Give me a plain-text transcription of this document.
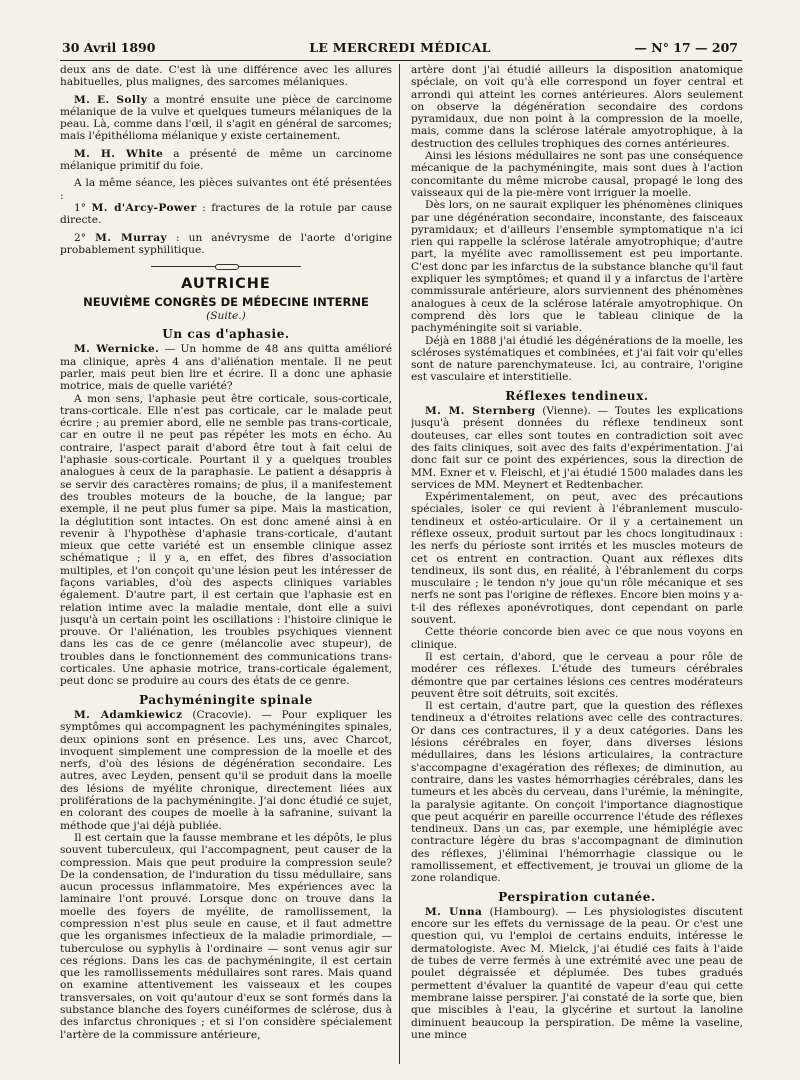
30 Avril 1890	LE MERCREDI MÉDICAL	— N° 17 — 207

deux ans de date. C'est là une différence avec les allures habituelles, plus malignes, des sarcomes mélaniques.

M. E. Solly a montré ensuite une pièce de carcinome mélanique de la vulve et quelques tumeurs mélaniques de la peau. Là, comme dans l'œil, il s'agit en général de sarcomes; mais l'épithélioma mélanique y existe certainement.

M. H. White a présenté de même un carcinome mélanique primitif du foie.

A la même séance, les pièces suivantes ont été présentées :

1° M. d'Arcy-Power : fractures de la rotule par cause directe.

2° M. Murray : un anévrysme de l'aorte d'origine probablement syphilitique.

AUTRICHE
NEUVIÈME CONGRÈS DE MÉDECINE INTERNE
(Suite.)
Un cas d'aphasie.

M. Wernicke. — Un homme de 48 ans quitta amélioré ma clinique, après 4 ans d'aliénation mentale. Il ne peut parler, mais peut bien lire et écrire. Il a donc une aphasie motrice, mais de quelle variété?

A mon sens, l'aphasie peut être corticale, sous-corticale, trans-corticale. Elle n'est pas corticale, car le malade peut écrire ; au premier abord, elle ne semble pas trans-corticale, car en outre il ne peut pas répéter les mots en écho. Au contraire, l'aspect parait d'abord être tout à fait celui de l'aphasie sous-corticale. Pourtant il y a quelques troubles analogues à ceux de la paraphasie. Le patient a désappris à se servir des caractères romains; de plus, il a manifestement des troubles moteurs de la bouche, de la langue; par exemple, il ne peut plus fumer sa pipe. Mais la mastication, la déglutition sont intactes. On est donc amené ainsi à en revenir à l'hypothèse d'aphasie trans-corticale, d'autant mieux que cette variété est un ensemble clinique assez schématique ; il y a, en effet, des fibres d'association multiples, et l'on conçoit qu'une lésion peut les intéresser de façons variables, d'où des aspects cliniques variables également. D'autre part, il est certain que l'aphasie est en relation intime avec la maladie mentale, dont elle a suivi jusqu'à un certain point les oscillations : l'histoire clinique le prouve. Or l'aliénation, les troubles psychiques viennent dans les cas de ce genre (mélancolie avec stupeur), de troubles dans le fonctionnement des communications trans-corticales. Une aphasie motrice, trans-corticale également, peut donc se produire au cours des états de ce genre.

Pachyméningite spinale

M. Adamkiewicz (Cracovie). — Pour expliquer les symptômes qui accompagnent les pachyméningites spinales, deux opinions sont en présence. Les uns, avec Charcot, invoquent simplement une compression de la moelle et des nerfs, d'où des lésions de dégénération secondaire. Les autres, avec Leyden, pensent qu'il se produit dans la moelle des lésions de myélite chronique, directement liées aux proliférations de la pachyméningite. J'ai donc étudié ce sujet, en colorant des coupes de moelle à la safranine, suivant la méthode que j'ai déjà publiée.

Il est certain que la fausse membrane et les dépôts, le plus souvent tuberculeux, qui l'accompagnent, peut causer de la compression. Mais que peut produire la compression seule? De la condensation, de l'induration du tissu médullaire, sans aucun processus inflammatoire. Mes expériences avec la laminaire l'ont prouvé. Lorsque donc on trouve dans la moelle des foyers de myélite, de ramollissement, la compression n'est plus seule en cause, et il faut admettre que les organismes infectieux de la maladie primordiale, — tuberculose ou syphylis à l'ordinaire — sont venus agir sur ces régions. Dans les cas de pachyméningite, il est certain que les ramollissements médullaires sont rares. Mais quand on examine attentivement les vaisseaux et les coupes transversales, on voit qu'autour d'eux se sont formés dans la substance blanche des foyers cunéiformes de sclérose, dus à des infarctus chroniques ; et si l'on considère spécialement l'artère de la commissure antérieure,

artère dont j'ai étudié ailleurs la disposition anatomique spéciale, on voit qu'à elle correspond un foyer central et arrondi qui atteint les cornes antérieures. Alors seulement on observe la dégénération secondaire des cordons pyramidaux, due non point à la compression de la moelle, mais, comme dans la sclérose latérale amyotrophique, à la destruction des cellules trophiques des cornes antérieures.

Ainsi les lésions médullaires ne sont pas une conséquence mécanique de la pachyméningite, mais sont dues à l'action concomitante du même microbe causal, propagé le long des vaisseaux qui de la pie-mère vont irriguer la moelle.

Dès lors, on ne saurait expliquer les phénomènes cliniques par une dégénération secondaire, inconstante, des faisceaux pyramidaux; et d'ailleurs l'ensemble symptomatique n'a ici rien qui rappelle la sclérose latérale amyotrophique; d'autre part, la myélite avec ramollissement est peu importante. C'est donc par les infarctus de la substance blanche qu'il faut expliquer les symptômes; et quand il y a infarctus de l'artère commissurale antérieure, alors surviennent des phénomènes analogues à ceux de la sclérose latérale amyotrophique. On comprend dès lors que le tableau clinique de la pachyméningite soit si variable.

Déjà en 1888 j'ai étudié les dégénérations de la moelle, les scléroses systématiques et combinées, et j'ai fait voir qu'elles sont de nature parenchymateuse. Ici, au contraire, l'origine est vasculaire et interstitielle.

Réflexes tendineux.

M. M. Sternberg (Vienne). — Toutes les explications jusqu'à présent données du réflexe tendineux sont douteuses, car elles sont toutes en contradiction soit avec des faits cliniques, soit avec des faits d'expérimentation. J'ai donc fait sur ce point des expériences, sous la direction de MM. Exner et v. Fleischl, et j'ai étudié 1500 malades dans les services de MM. Meynert et Redtenbacher.

Expérimentalement, on peut, avec des précautions spéciales, isoler ce qui revient à l'ébranlement musculo-tendineux et ostéo-articulaire. Or il y a certainement un réflexe osseux, produit surtout par les chocs longitudinaux : les nerfs du périoste sont irrités et les muscles moteurs de cet os entrent en contraction. Quant aux réflexes dits tendineux, ils sont dus, en réalité, à l'ébranlement du corps musculaire ; le tendon n'y joue qu'un rôle mécanique et ses nerfs ne sont pas l'origine de réflexes. Encore bien moins y a-t-il des réflexes aponévrotiques, dont cependant on parle souvent.

Cette théorie concorde bien avec ce que nous voyons en clinique.

Il est certain, d'abord, que le cerveau a pour rôle de modérer ces réflexes. L'étude des tumeurs cérébrales démontre que par certaines lésions ces centres modérateurs peuvent être soit détruits, soit excités.

Il est certain, d'autre part, que la question des réflexes tendineux a d'étroites relations avec celle des contractures. Or dans ces contractures, il y a deux catégories. Dans les lésions cérébrales en foyer, dans diverses lésions médullaires, dans les lésions articulaires, la contracture s'accompagne d'exagération des réflexes; de diminution, au contraire, dans les vastes hémorrhagies cérébrales, dans les tumeurs et les abcès du cerveau, dans l'urémie, la méningite, la paralysie agitante. On conçoit l'importance diagnostique que peut acquérir en pareille occurrence l'étude des réflexes tendineux. Dans un cas, par exemple, une hémiplégie avec contracture légère du bras s'accompagnant de diminution des réflexes, j'éliminai l'hémorrhagie classique ou le ramollissement, et effectivement, je trouvai un gliome de la zone rolandique.

Perspiration cutanée.

M. Unna (Hambourg). — Les physiologistes discutent encore sur les effets du vernissage de la peau. Or c'est une question qui, vu l'emploi de certains enduits, intéresse le dermatologiste. Avec M. Mielck, j'ai étudié ces faits à l'aide de tubes de verre fermés à une extrémité avec une peau de poulet dégraissée et déplumée. Des tubes gradués permettent d'évaluer la quantité de vapeur d'eau qui cette membrane laisse perspirer. J'ai constaté de la sorte que, bien que miscibles à l'eau, la glycérine et surtout la lanoline diminuent beaucoup la perspiration. De même la vaseline, une mince
